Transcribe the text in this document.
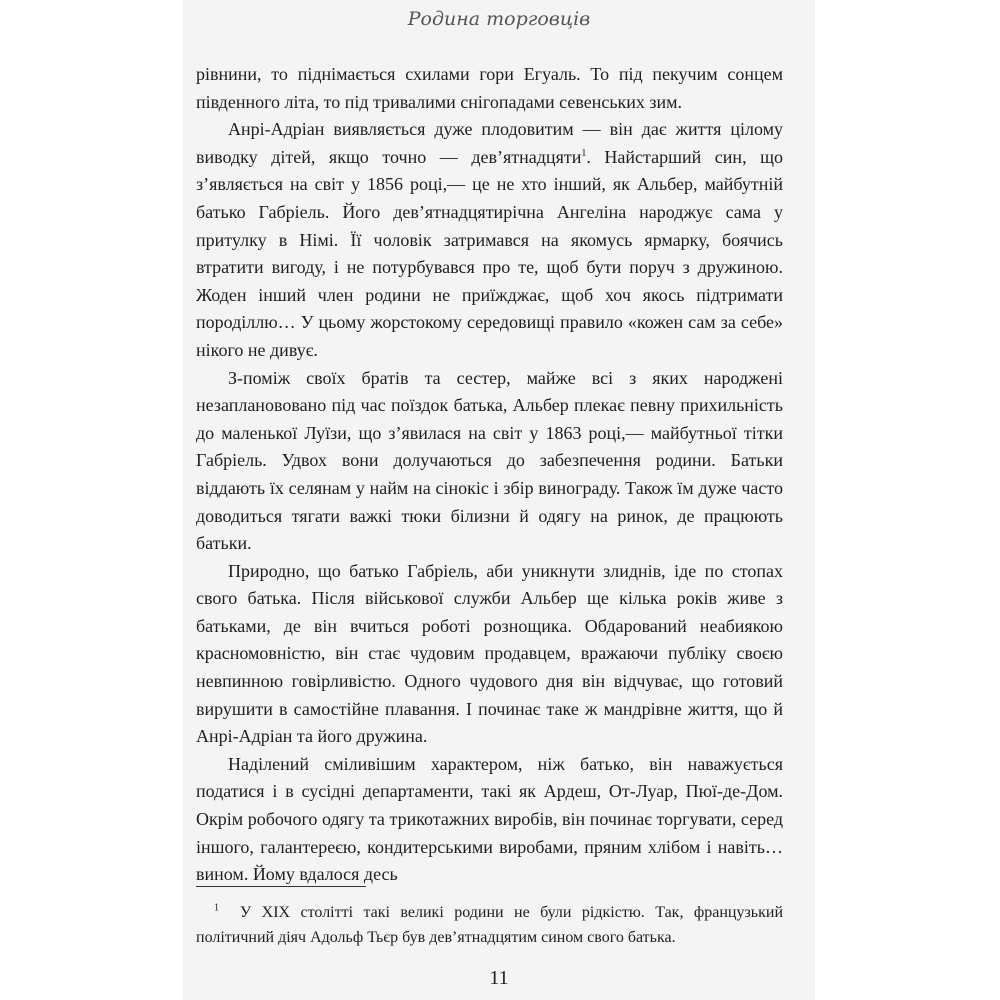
Родина торговців

рівнини, то піднімається схилами гори Егуаль. То під пекучим сонцем південного літа, то під тривалими снігопадами севенських зим.

Анрі-Адріан виявляється дуже плодовитим — він дає життя цілому виводку дітей, якщо точно — дев’ятнадцяти$^1$. Найстарший син, що з’являється на світ у 1856 році,— це не хто інший, як Альбер, майбутній батько Габріель. Його дев’ятнадцятирічна Ангеліна народжує сама у притулку в Німі. Її чоловік затримався на якомусь ярмарку, боячись втратити вигоду, і не потурбувався про те, щоб бути поруч з дружиною. Жоден інший член родини не приїжджає, щоб хоч якось підтримати породіллю… У цьому жорстокому середовищі правило «кожен сам за себе» нікого не дивує.

З-поміж своїх братів та сестер, майже всі з яких народжені незапланововано під час поїздок батька, Альбер плекає певну прихильність до маленької Луїзи, що з’явилася на світ у 1863 році,— майбутньої тітки Габріель. Удвох вони долучаються до забезпечення родини. Батьки віддають їх селянам у найм на сінокіс і збір винограду. Також їм дуже часто доводиться тягати важкі тюки білизни й одягу на ринок, де працюють батьки.

Природно, що батько Габріель, аби уникнути злиднів, іде по стопах свого батька. Після військової служби Альбер ще кілька років живе з батьками, де він вчиться роботі рознощика. Обдарований неабиякою красномовністю, він стає чудовим продавцем, вражаючи публіку своєю невпинною говірливістю. Одного чудового дня він відчуває, що готовий вирушити в самостійне плавання. І починає таке ж мандрівне життя, що й Анрі-Адріан та його дружина.

Наділений сміливішим характером, ніж батько, він наважується податися і в сусідні департаменти, такі як Ардеш, От-Луар, Пюї-де-Дом. Окрім робочого одягу та трикотажних виробів, він починає торгувати, серед іншого, галантерeєю, кондитерськими виробами, пряним хлібом і навіть… вином. Йому вдалося десь

$^1$ У XIX столітті такі великі родини не були рідкістю. Так, французький політичний діяч Адольф Тьєр був дев’ятнадцятим сином свого батька.

11
